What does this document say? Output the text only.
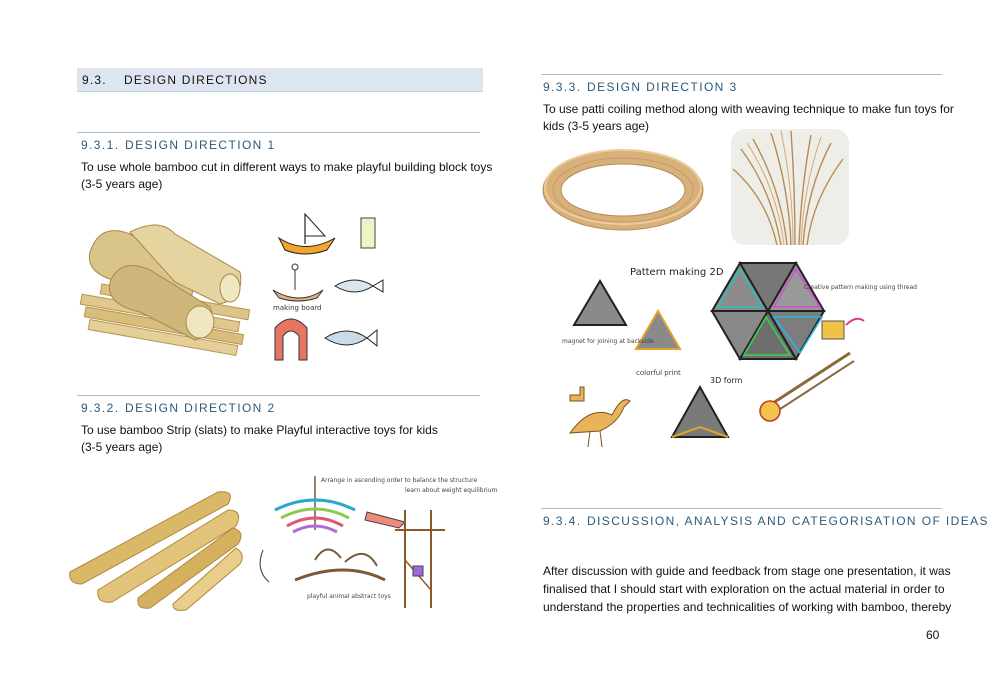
9.3. DESIGN DIRECTIONS
9.3.1. DESIGN DIRECTION 1
To use whole bamboo cut in different ways to make playful building block toys
(3-5 years age)
making board
9.3.2. DESIGN DIRECTION 2
To use bamboo Strip (slats) to make Playful interactive toys for kids
(3-5 years age)
Arrange in ascending order to balance the structure
learn about weight equilibrium
playful animal abstract toys
9.3.3. DESIGN DIRECTION 3
To use patti coiling method along with weaving technique to make fun toys for
kids (3-5 years age)
Pattern making 2D
Creative pattern making using thread
magnet for joining at backside
colorful print
3D form
9.3.4. DISCUSSION, ANALYSIS AND CATEGORISATION OF IDEAS
After discussion with guide and feedback from stage one presentation, it was
finalised that I should start with exploration on the actual material in order to
understand the properties and technicalities of working with bamboo, thereby
60
